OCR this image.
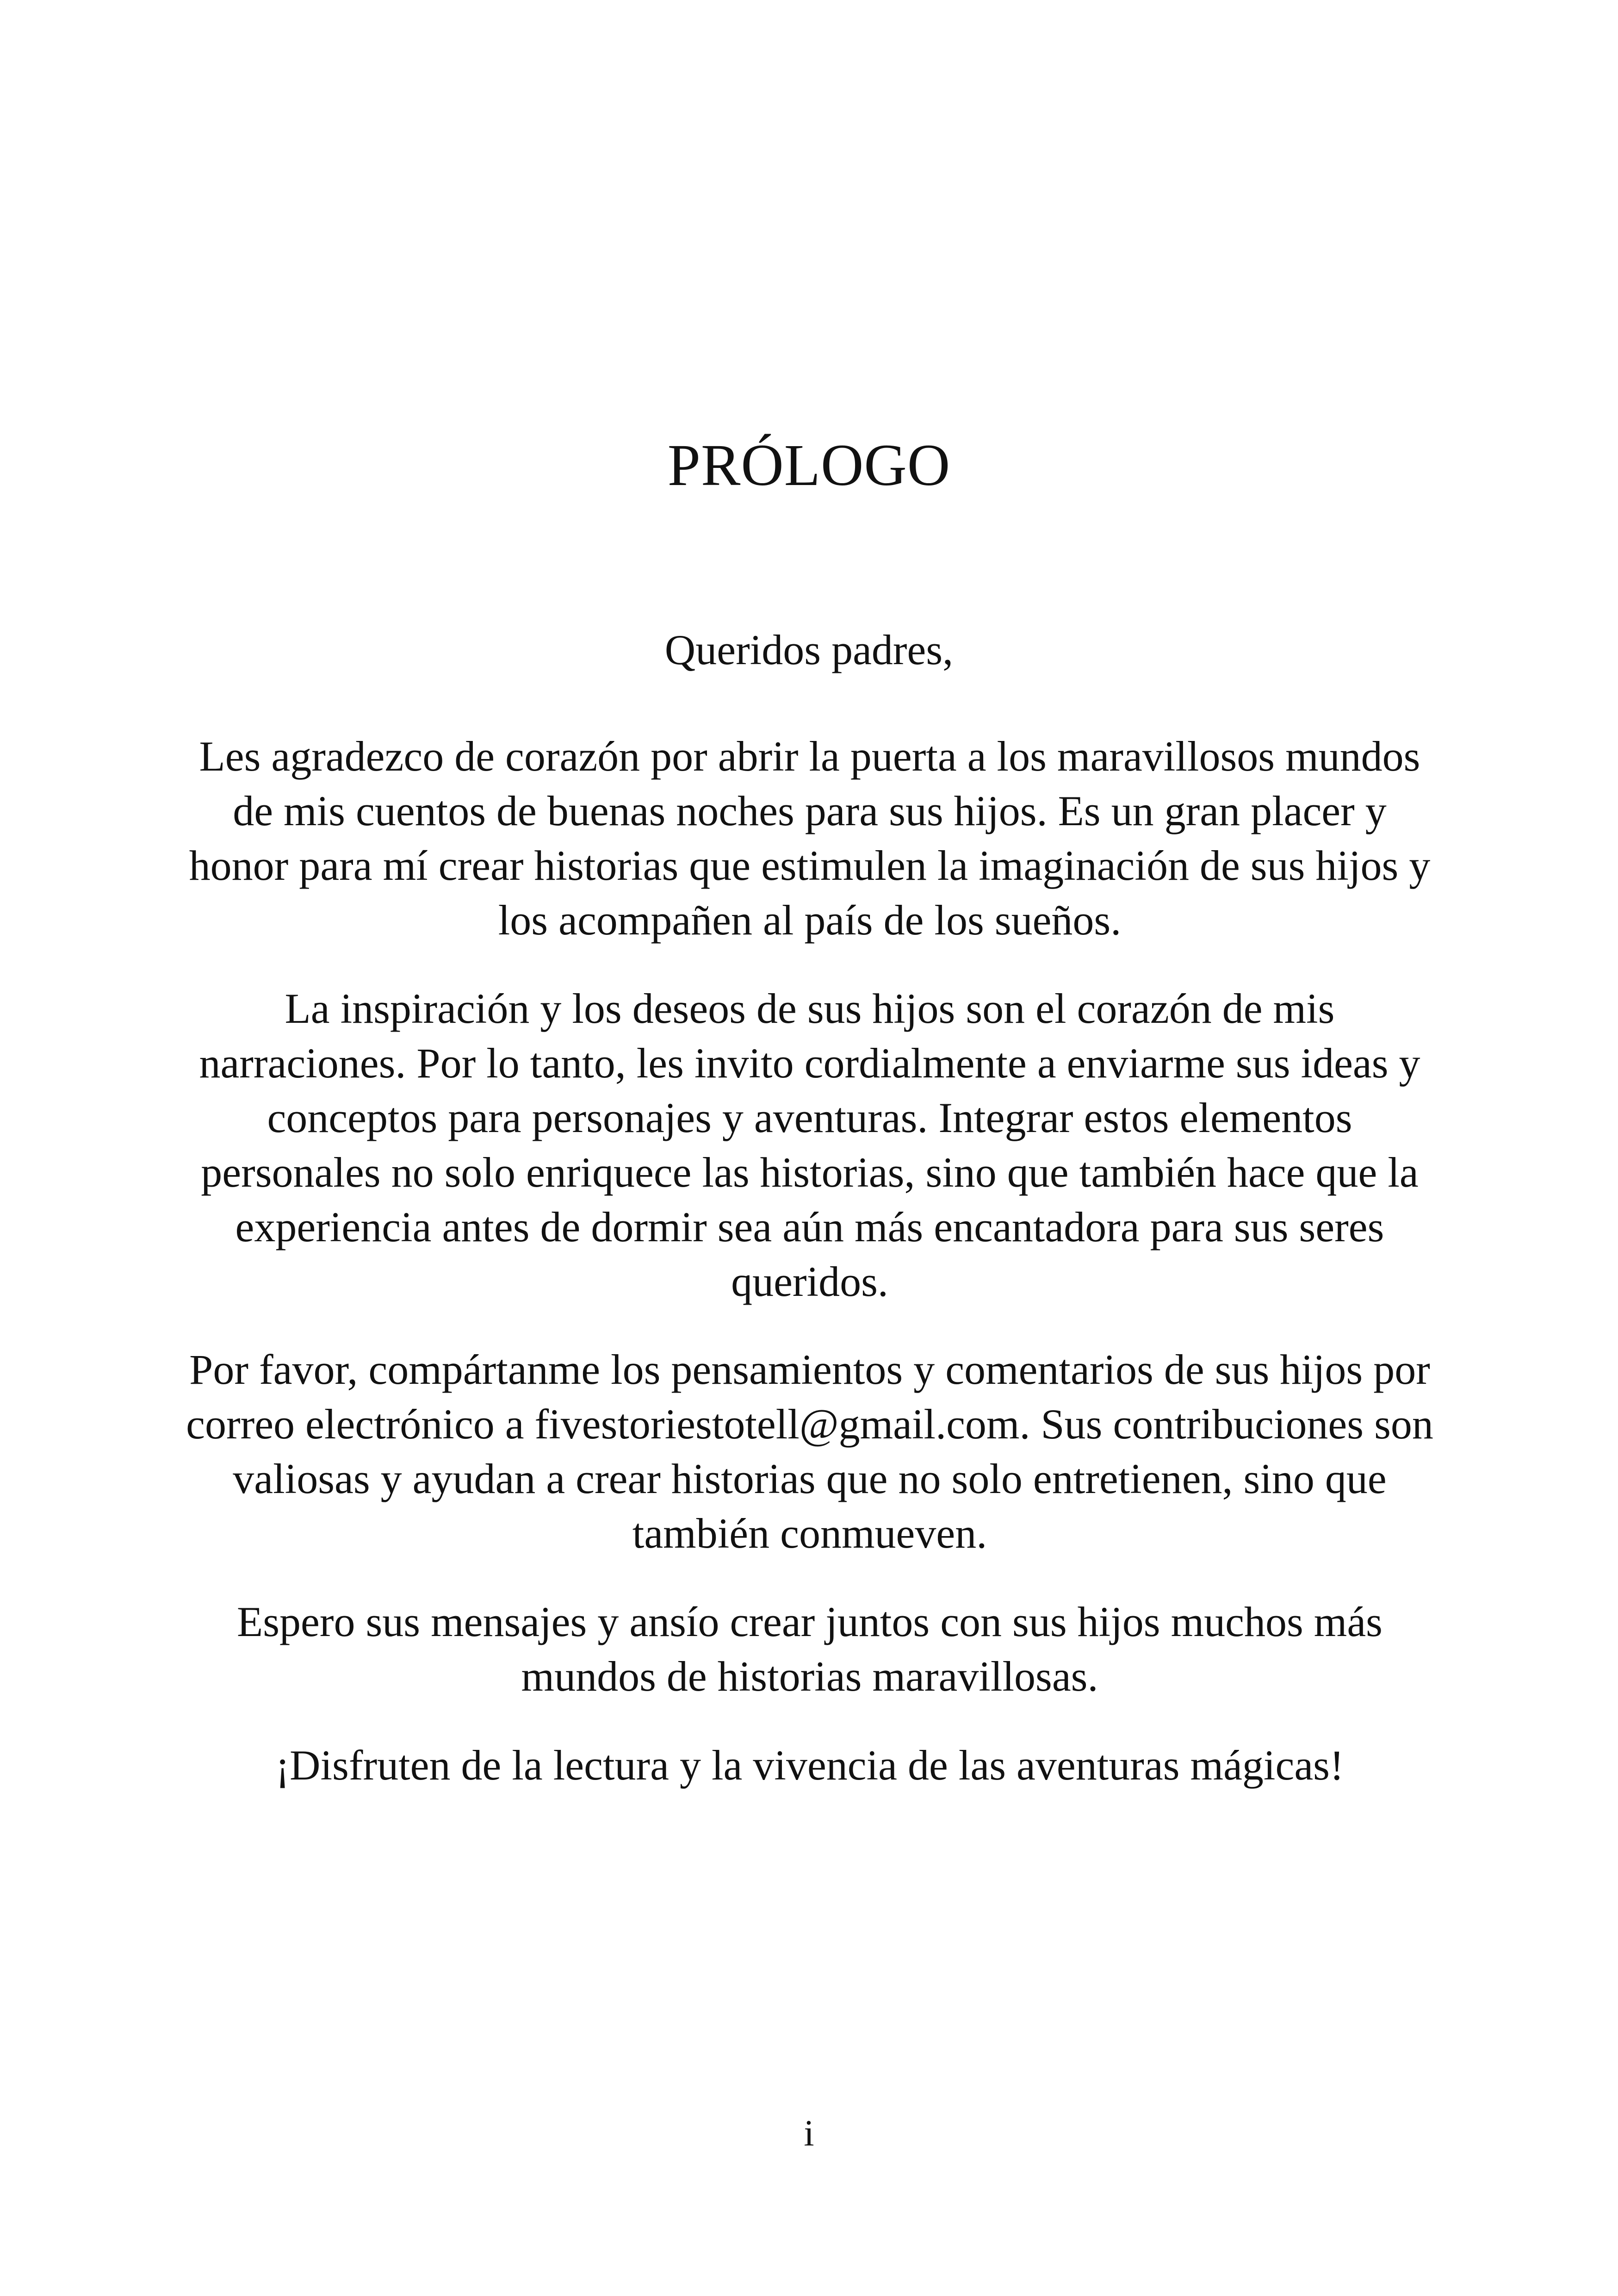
PRÓLOGO

Queridos padres,

Les agradezco de corazón por abrir la puerta a los maravillosos mundos de mis cuentos de buenas noches para sus hijos. Es un gran placer y honor para mí crear historias que estimulen la imaginación de sus hijos y los acompañen al país de los sueños.

La inspiración y los deseos de sus hijos son el corazón de mis narraciones. Por lo tanto, les invito cordialmente a enviarme sus ideas y conceptos para personajes y aventuras. Integrar estos elementos personales no solo enriquece las historias, sino que también hace que la experiencia antes de dormir sea aún más encantadora para sus seres queridos.

Por favor, compártanme los pensamientos y comentarios de sus hijos por correo electrónico a fivestoriestotell@gmail.com. Sus contribuciones son valiosas y ayudan a crear historias que no solo entretienen, sino que también conmueven.

Espero sus mensajes y ansío crear juntos con sus hijos muchos más mundos de historias maravillosas.

¡Disfruten de la lectura y la vivencia de las aventuras mágicas!

i
